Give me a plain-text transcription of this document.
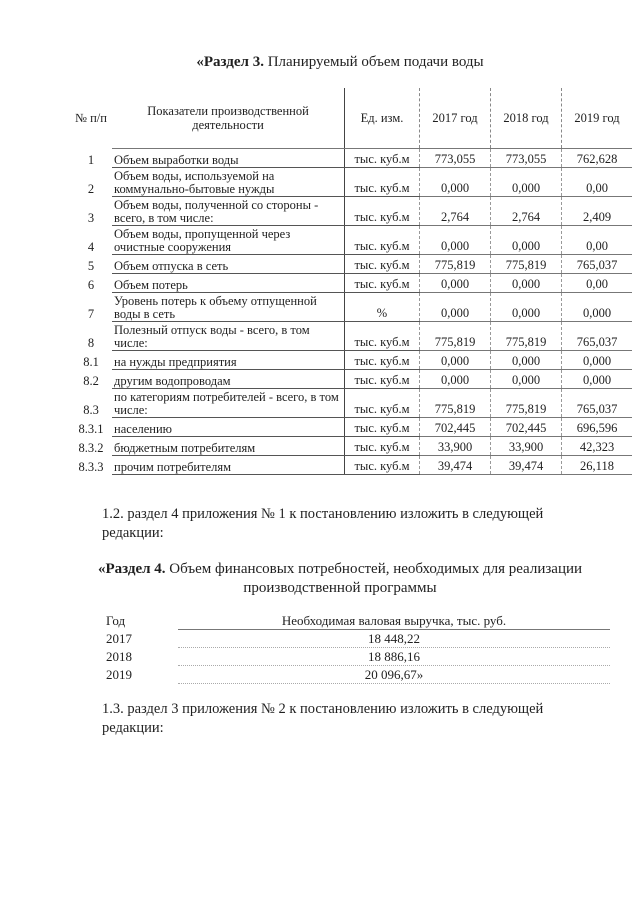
«Раздел 3. Планируемый объем подачи воды
№ п/п	Показатели производственной деятельности	Ед. изм.	2017 год	2018 год	2019 год
1	Объем выработки воды	тыс. куб.м	773,055	773,055	762,628
2	Объем воды, используемой на коммунально-бытовые нужды	тыс. куб.м	0,000	0,000	0,00
3	Объем воды, полученной со стороны - всего, в том числе:	тыс. куб.м	2,764	2,764	2,409
4	Объем воды, пропущенной через очистные сооружения	тыс. куб.м	0,000	0,000	0,00
5	Объем отпуска в сеть	тыс. куб.м	775,819	775,819	765,037
6	Объем потерь	тыс. куб.м	0,000	0,000	0,00
7	Уровень потерь к объему отпущенной воды в сеть	%	0,000	0,000	0,000
8	Полезный отпуск воды - всего, в том числе:	тыс. куб.м	775,819	775,819	765,037
8.1	на нужды предприятия	тыс. куб.м	0,000	0,000	0,000
8.2	другим водопроводам	тыс. куб.м	0,000	0,000	0,000
8.3	по категориям потребителей - всего, в том числе:	тыс. куб.м	775,819	775,819	765,037
8.3.1	населению	тыс. куб.м	702,445	702,445	696,596
8.3.2	бюджетным потребителям	тыс. куб.м	33,900	33,900	42,323
8.3.3	прочим потребителям	тыс. куб.м	39,474	39,474	26,118
1.2. раздел 4 приложения № 1 к постановлению изложить в следующей редакции:
«Раздел 4. Объем финансовых потребностей, необходимых для реализации производственной программы
Год	Необходимая валовая выручка, тыс. руб.
2017	18 448,22
2018	18 886,16
2019	20 096,67»
1.3. раздел 3 приложения № 2 к постановлению изложить в следующей редакции:
